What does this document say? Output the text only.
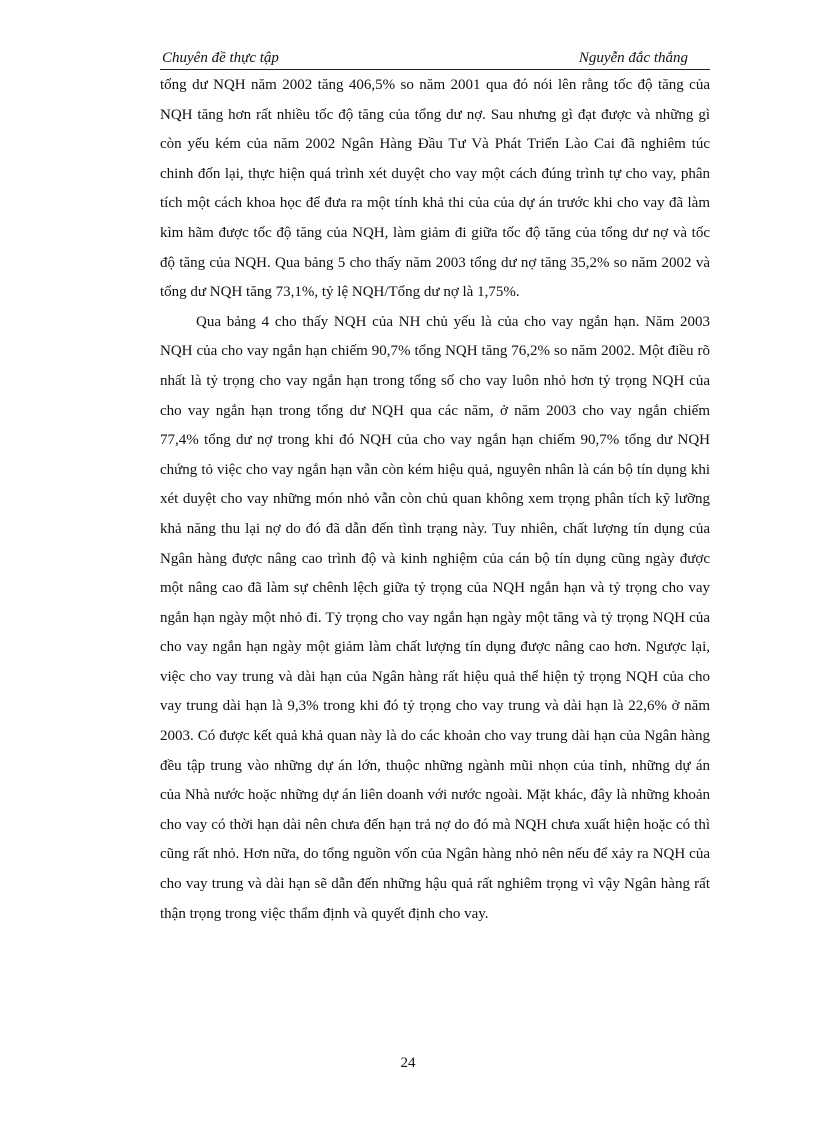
Chuyên đề thực tập	Nguyễn đắc thắng

tổng dư NQH năm 2002 tăng 406,5% so năm 2001 qua đó nói lên rằng tốc độ tăng của NQH tăng hơn rất nhiều tốc độ tăng của tổng dư nợ. Sau nhưng gì đạt được và những gì còn yếu kém của năm 2002 Ngân Hàng Đầu Tư Và Phát Triển Lào Cai đã nghiêm túc chinh đốn lại, thực hiện quá trình xét duyệt cho vay một cách đúng trình tự cho vay, phân tích một cách khoa học để đưa ra một tính khả thi của của dự án trước khi cho vay đã làm kìm hãm được tốc độ tăng của NQH, làm giảm đi giữa tốc độ tăng của tổng dư nợ và tốc độ tăng của NQH. Qua bảng 5 cho thấy năm 2003 tổng dư nợ tăng 35,2% so năm 2002 và tổng dư NQH tăng 73,1%, tỷ lệ NQH/Tổng dư nợ là 1,75%.

Qua bảng 4 cho thấy NQH của NH chủ yếu là của cho vay ngắn hạn. Năm 2003 NQH của cho vay ngắn hạn chiếm 90,7% tổng NQH tăng 76,2% so năm 2002. Một điều rõ nhất là tỷ trọng cho vay ngắn hạn trong tổng số cho vay luôn nhỏ hơn tỷ trọng NQH của cho vay ngắn hạn trong tổng dư NQH qua các năm, ở năm 2003 cho vay ngắn chiếm 77,4% tổng dư nợ trong khi đó NQH của cho vay ngắn hạn chiếm 90,7% tổng dư NQH chứng tỏ việc cho vay ngắn hạn vẫn còn kém hiệu quả, nguyên nhân là cán bộ tín dụng khi xét duyệt cho vay những món nhỏ vẫn còn chủ quan không xem trọng phân tích kỹ lưỡng khả năng thu lại nợ do đó đã dẫn đến tình trạng này. Tuy nhiên, chất lượng tín dụng của Ngân hàng được nâng cao trình độ và kinh nghiệm của cán bộ tín dụng cũng ngày được một nâng cao đã làm sự chênh lệch giữa tỷ trọng của NQH ngắn hạn và tỷ trọng cho vay ngắn hạn ngày một nhỏ đi. Tỷ trọng cho vay ngắn hạn ngày một tăng và tỷ trọng NQH của cho vay ngắn hạn ngày một giảm làm chất lượng tín dụng được nâng cao hơn. Ngược lại, việc cho vay trung và dài hạn của Ngân hàng rất hiệu quả thể hiện tỷ trọng NQH của cho vay trung dài hạn là 9,3% trong khi đó tỷ trọng cho vay trung và dài hạn là 22,6% ở năm 2003. Có được kết quả khả quan này là do các khoản cho vay trung dài hạn của Ngân hàng đều tập trung vào những dự án lớn, thuộc những ngành mũi nhọn của tỉnh, những dự án của Nhà nước hoặc những dự án liên doanh với nước ngoài. Mặt khác, đây là những khoản cho vay có thời hạn dài nên chưa đến hạn trả nợ do đó mà NQH chưa xuất hiện hoặc có thì cũng rất nhỏ. Hơn nữa, do tổng nguồn vốn của Ngân hàng nhỏ nên nếu để xảy ra NQH của cho vay trung và dài hạn sẽ dẫn đến những hậu quả rất nghiêm trọng vì vậy Ngân hàng rất thận trọng trong việc thẩm định và quyết định cho vay.

24
